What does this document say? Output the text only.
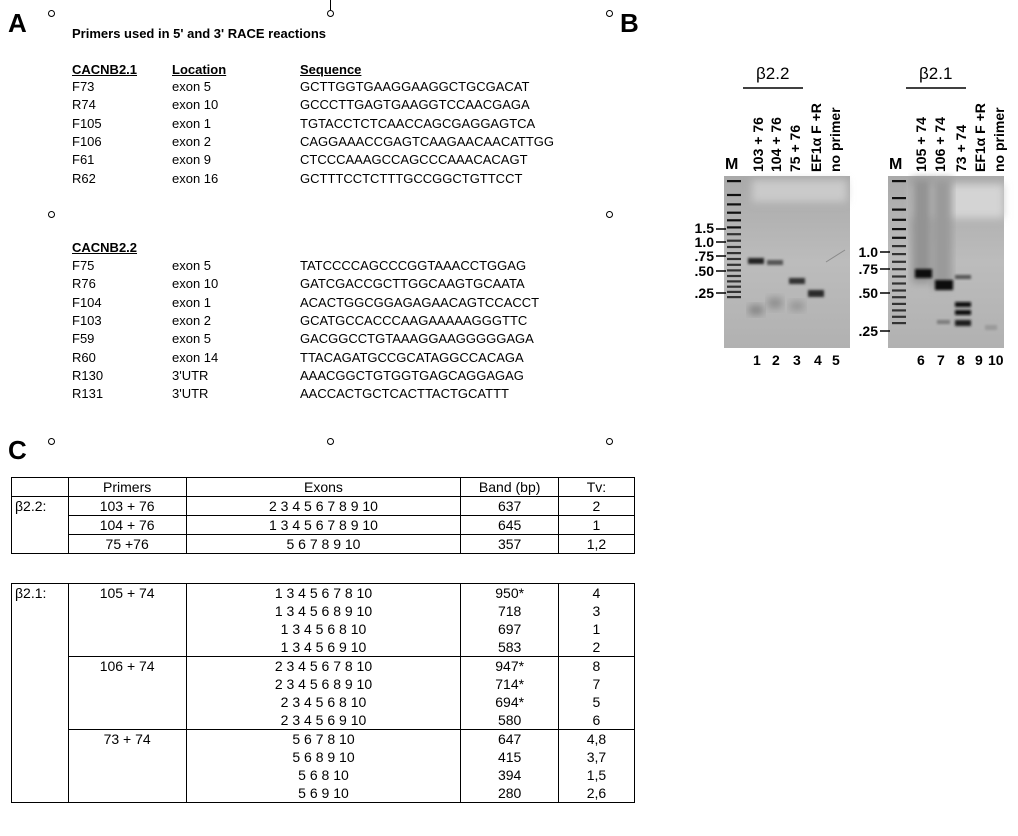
A	B
C
Primers used in 5' and 3' RACE reactions
CACNB2.1	Location	Sequence
F73	exon 5	GCTTGGTGAAGGAAGGCTGCGACAT
R74	exon 10	GCCCTTGAGTGAAGGTCCAACGAGA
F105	exon 1	TGTACCTCTCAACCAGCGAGGAGTCA
F106	exon 2	CAGGAAACCGAGTCAAGAACAACATTGG
F61	exon 9	CTCCCAAAGCCAGCCCAAACACAGT
R62	exon 16	GCTTTCCTCTTTGCCGGCTGTTCCT
CACNB2.2
F75	exon 5	TATCCCCAGCCCGGTAAACCTGGAG
R76	exon 10	GATCGACCGCTTGGCAAGTGCAATA
F104	exon 1	ACACTGGCGGAGAGAACAGTCCACCT
F103	exon 2	GCATGCCACCCAAGAAAAAGGGTTC
F59	exon 5	GACGGCCTGTAAAGGAAGGGGGAGA
R60	exon 14	TTACAGATGCCGCATAGGCCACAGA
R130	3'UTR	AAACGGCTGTGGTGAGCAGGAGAG
R131	3'UTR	AACCACTGCTCACTTACTGCATTT
β2.2
M 103 + 76 104 + 76 75 + 76 EF1α F +R no primer
1.5
1.0
.75
.50
.25
1 2 3 4 5
β2.1
M 105 + 74 106 + 74 73 + 74 EF1α F +R no primer
1.0
.75
.50
.25
6 7 8 9 10
	Primers	Exons	Band (bp)	Tv:
β2.2:	103 + 76	2 3 4 5 6 7 8 9 10	637	2
	104 + 76	1 3 4 5 6 7 8 9 10	645	1
	75 +76	5 6 7 8 9 10	357	1,2
β2.1:	105 + 74	1 3 4 5 6 7 8 10	950*	4
		1 3 4 5 6 8 9 10	718	3
		1 3 4 5 6 8 10	697	1
		1 3 4 5 6 9 10	583	2
	106 + 74	2 3 4 5 6 7 8 10	947*	8
		2 3 4 5 6 8 9 10	714*	7
		2 3 4 5 6 8 10	694*	5
		2 3 4 5 6 9 10	580	6
	73 + 74	5 6 7 8 10	647	4,8
		5 6 8 9 10	415	3,7
		5 6 8 10	394	1,5
		5 6 9 10	280	2,6
